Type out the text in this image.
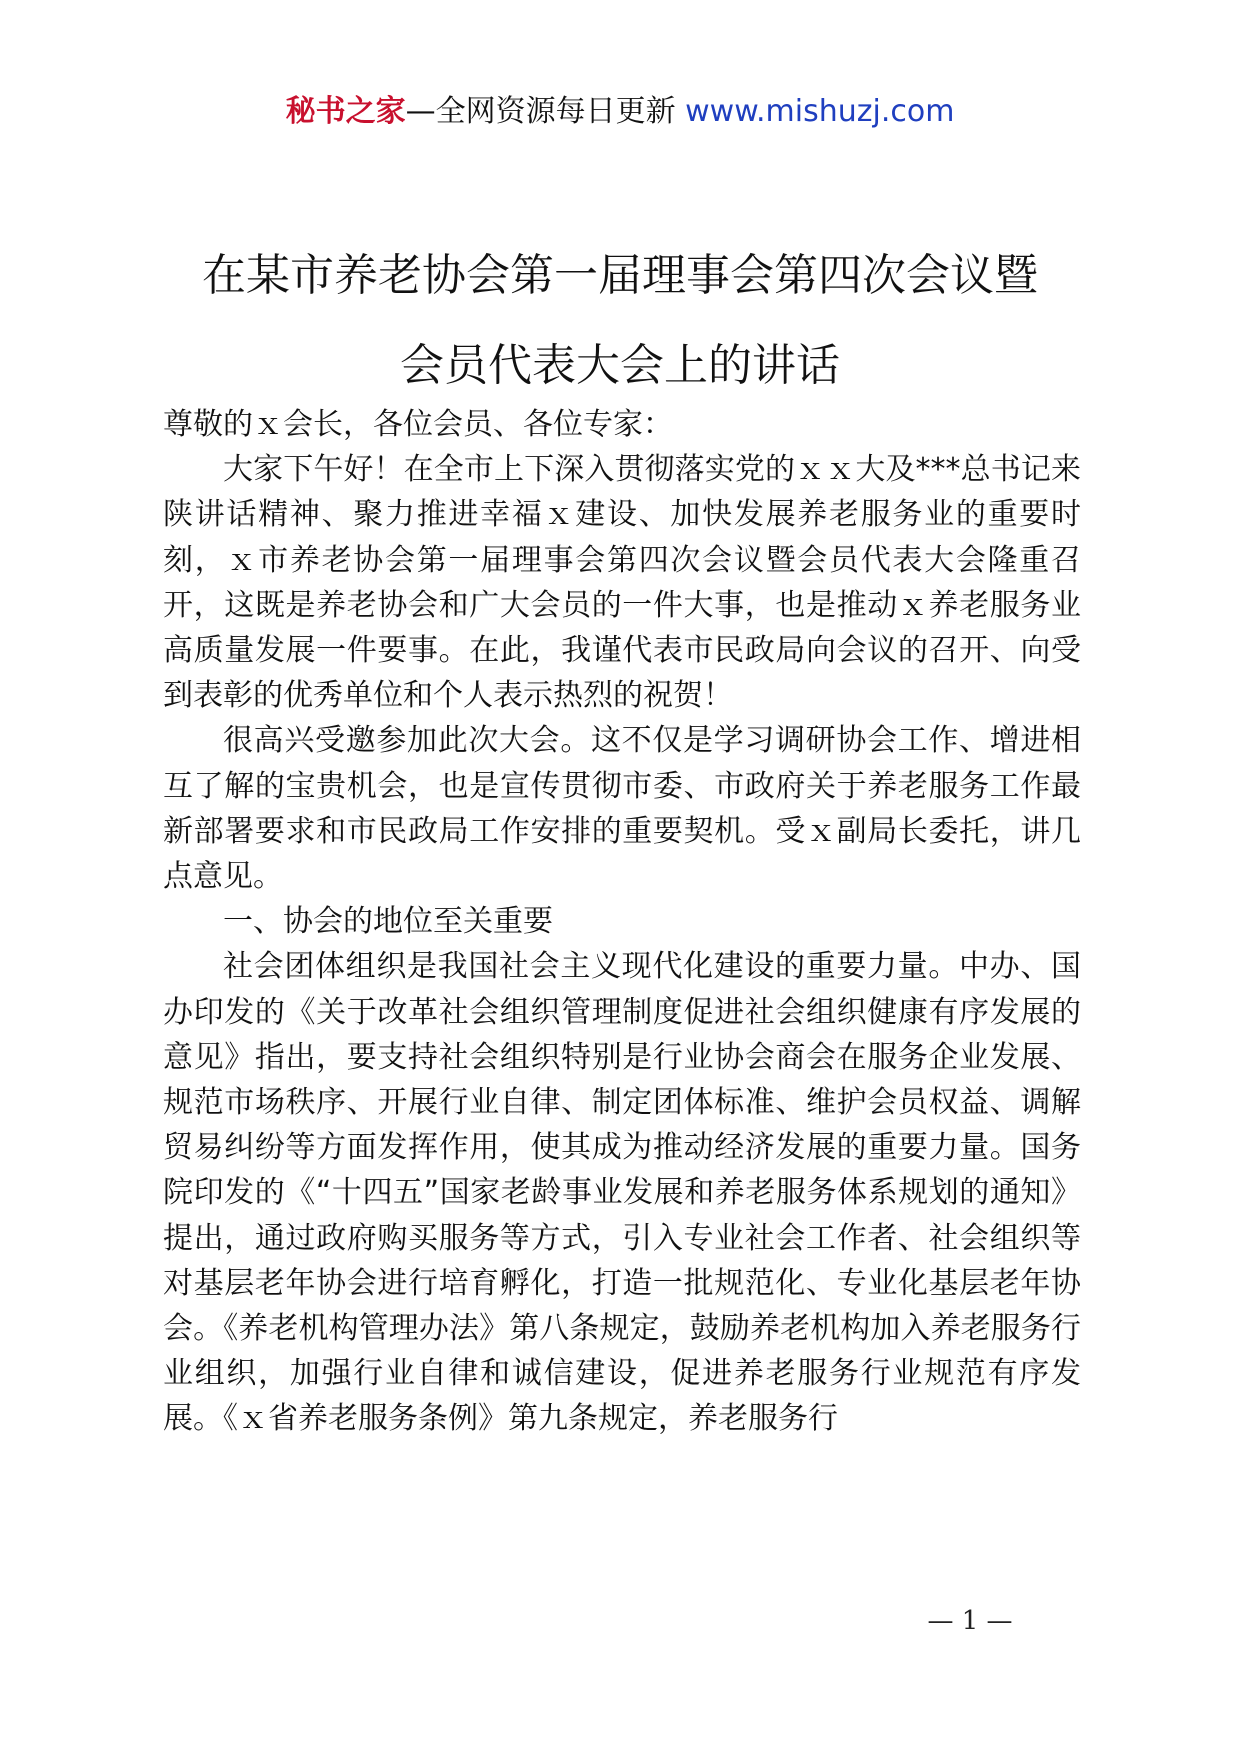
秘书之家—全网资源每日更新 www.mishuzj.com
在某市养老协会第一届理事会第四次会议暨
会员代表大会上的讲话

尊敬的ｘ会长，各位会员、各位专家：

大家下午好！在全市上下深入贯彻落实党的ｘｘ大及***总书记来陕讲话精神、聚力推进幸福ｘ建设、加快发展养老服务业的重要时刻，ｘ市养老协会第一届理事会第四次会议暨会员代表大会隆重召开，这既是养老协会和广大会员的一件大事，也是推动ｘ养老服务业高质量发展一件要事。在此，我谨代表市民政局向会议的召开、向受到表彰的优秀单位和个人表示热烈的祝贺！

很高兴受邀参加此次大会。这不仅是学习调研协会工作、增进相互了解的宝贵机会，也是宣传贯彻市委、市政府关于养老服务工作最新部署要求和市民政局工作安排的重要契机。受ｘ副局长委托，讲几点意见。

一、协会的地位至关重要

社会团体组织是我国社会主义现代化建设的重要力量。中办、国办印发的《关于改革社会组织管理制度促进社会组织健康有序发展的意见》指出，要支持社会组织特别是行业协会商会在服务企业发展、规范市场秩序、开展行业自律、制定团体标准、维护会员权益、调解贸易纠纷等方面发挥作用，使其成为推动经济发展的重要力量。国务院印发的《“十四五”国家老龄事业发展和养老服务体系规划的通知》提出，通过政府购买服务等方式，引入专业社会工作者、社会组织等对基层老年协会进行培育孵化，打造一批规范化、专业化基层老年协会。《养老机构管理办法》第八条规定，鼓励养老机构加入养老服务行业组织，加强行业自律和诚信建设，促进养老服务行业规范有序发展。《ｘ省养老服务条例》第九条规定，养老服务行

— 1 —
